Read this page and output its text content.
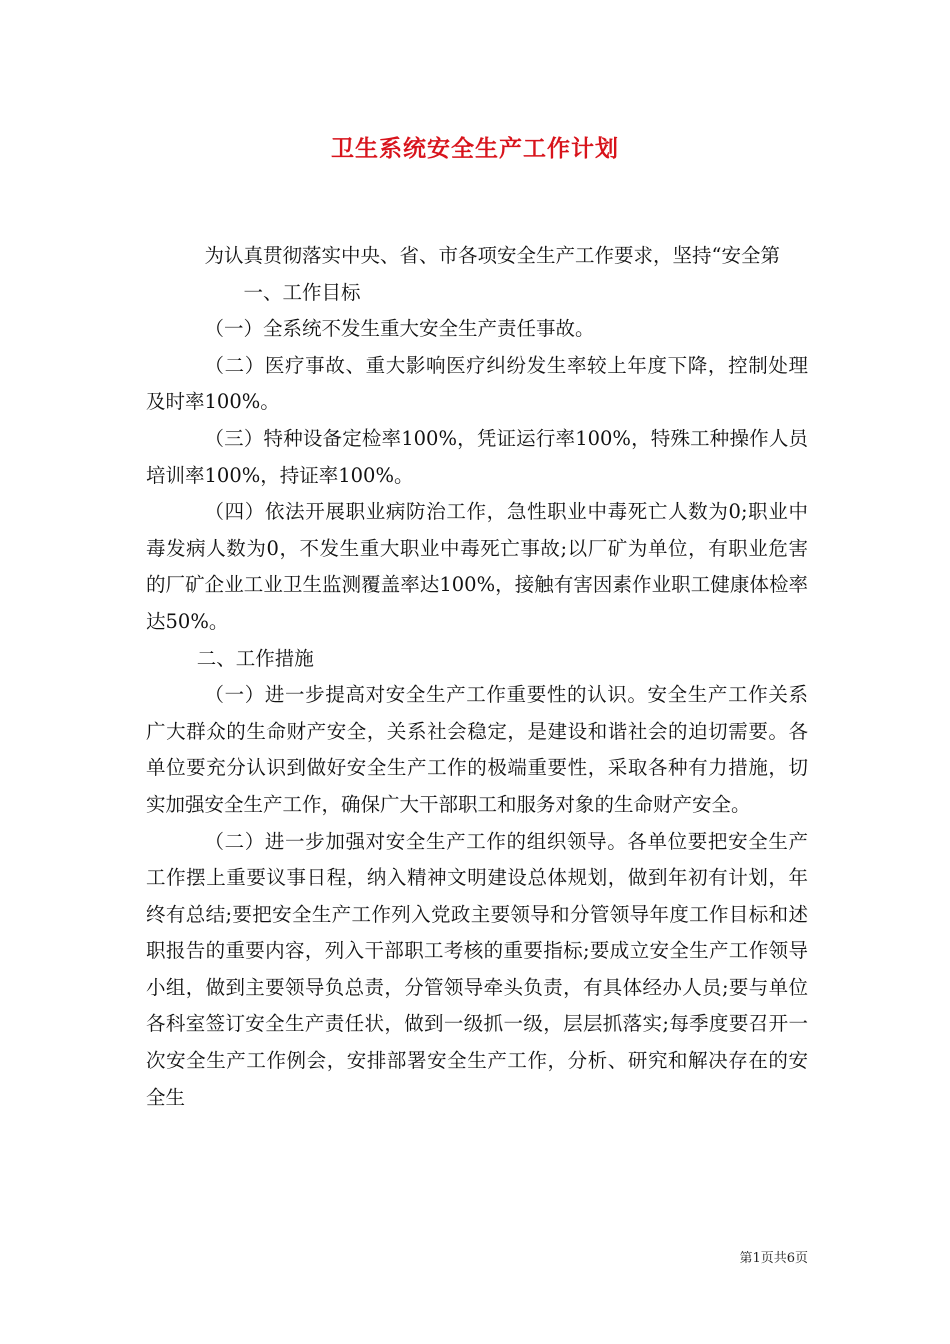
卫生系统安全生产工作计划

为认真贯彻落实中央、省、市各项安全生产工作要求，坚持“安全第

一、工作目标

（一）全系统不发生重大安全生产责任事故。

（二）医疗事故、重大影响医疗纠纷发生率较上年度下降，控制处理及时率100%。

（三）特种设备定检率100%，凭证运行率100%，特殊工种操作人员培训率100%，持证率100%。

（四）依法开展职业病防治工作，急性职业中毒死亡人数为0;职业中毒发病人数为0，不发生重大职业中毒死亡事故;以厂矿为单位，有职业危害的厂矿企业工业卫生监测覆盖率达100%，接触有害因素作业职工健康体检率达50%。

二、工作措施

（一）进一步提高对安全生产工作重要性的认识。安全生产工作关系广大群众的生命财产安全，关系社会稳定，是建设和谐社会的迫切需要。各单位要充分认识到做好安全生产工作的极端重要性，采取各种有力措施，切实加强安全生产工作，确保广大干部职工和服务对象的生命财产安全。

（二）进一步加强对安全生产工作的组织领导。各单位要把安全生产工作摆上重要议事日程，纳入精神文明建设总体规划，做到年初有计划，年终有总结;要把安全生产工作列入党政主要领导和分管领导年度工作目标和述职报告的重要内容，列入干部职工考核的重要指标;要成立安全生产工作领导小组，做到主要领导负总责，分管领导牵头负责，有具体经办人员;要与单位各科室签订安全生产责任状，做到一级抓一级，层层抓落实;每季度要召开一次安全生产工作例会，安排部署安全生产工作，分析、研究和解决存在的安全生

第1页共6页
